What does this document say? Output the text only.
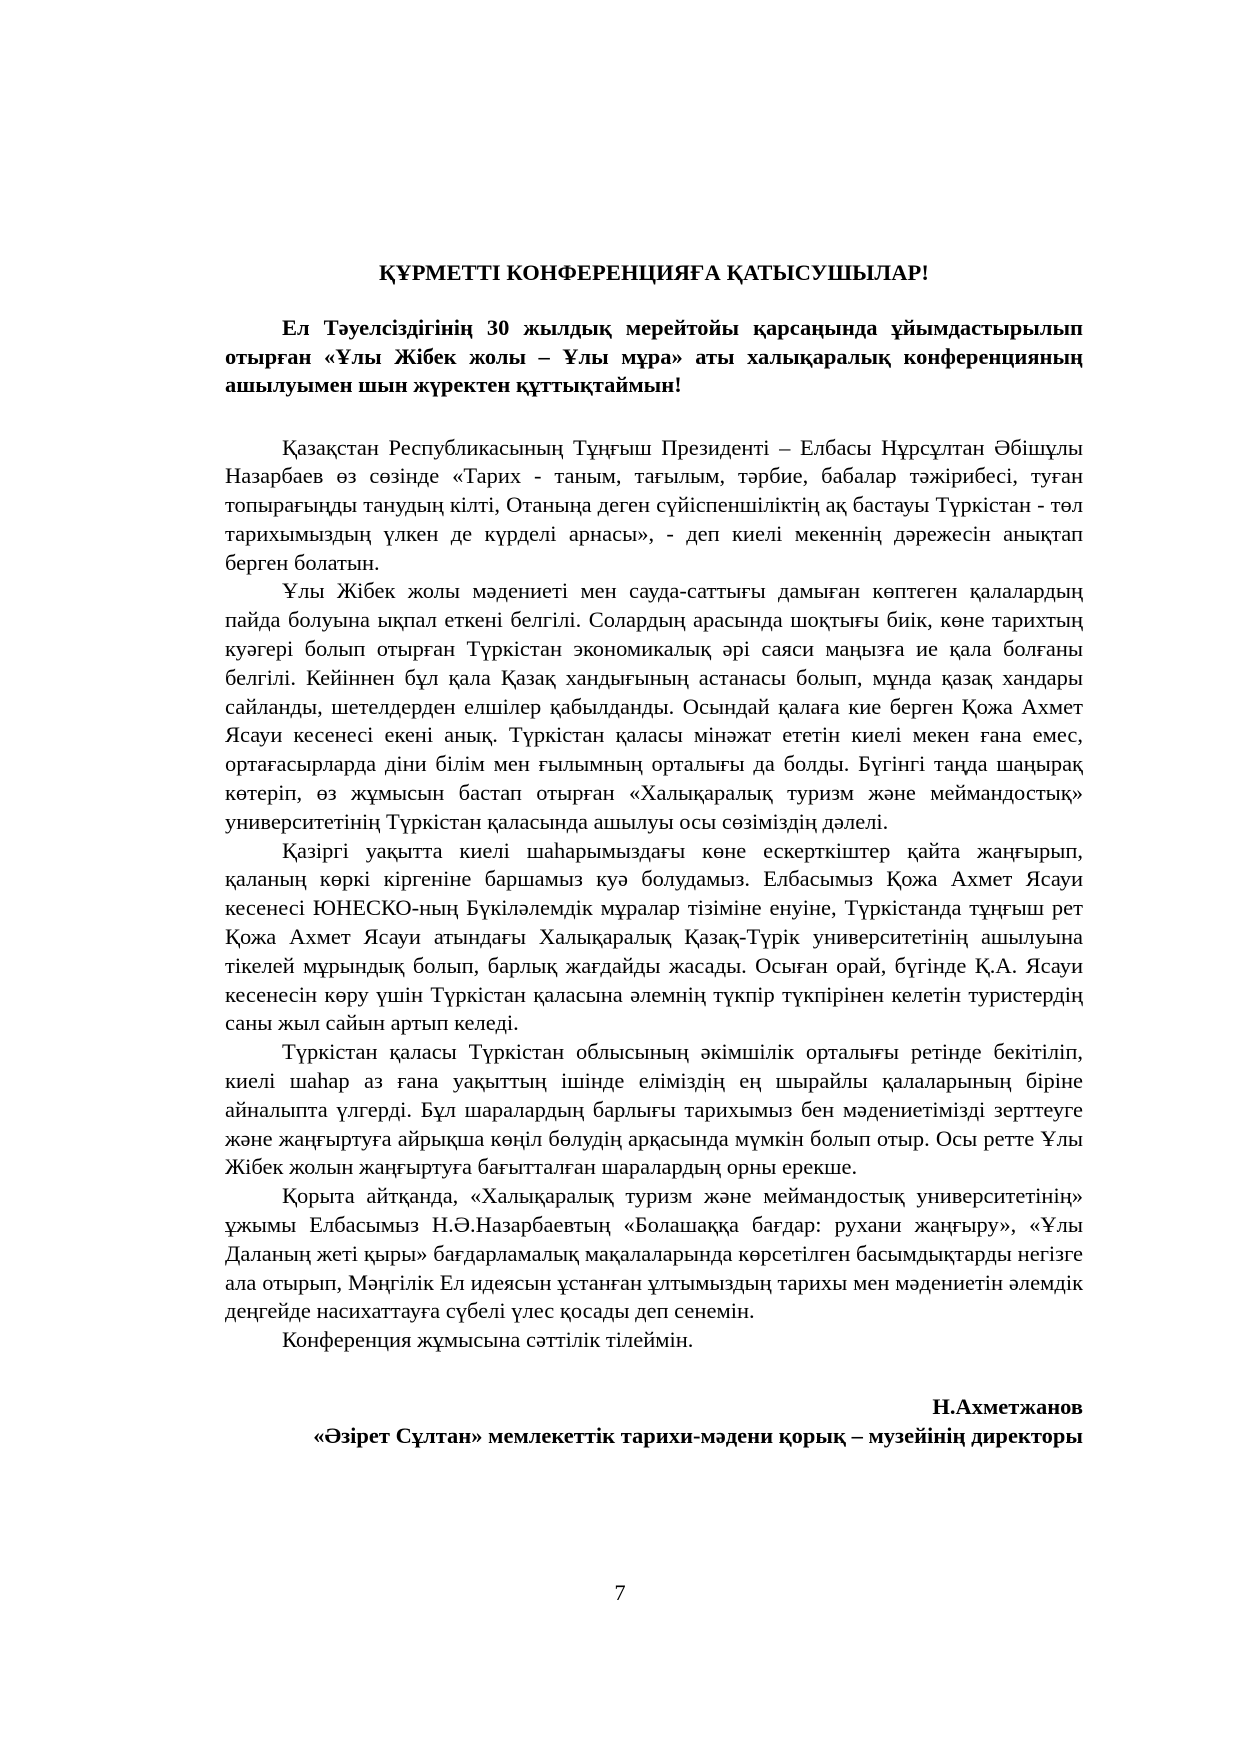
ҚҰРМЕТТІ КОНФЕРЕНЦИЯҒА ҚАТЫСУШЫЛАР!
Ел Тәуелсіздігінің 30 жылдық мерейтойы қарсаңында ұйымдастырылып отырған «Ұлы Жібек жолы – Ұлы мұра» аты халықаралық конференцияның ашылуымен шын жүректен құттықтаймын!

Қазақстан Республикасының Тұңғыш Президенті – Елбасы Нұрсұлтан Әбішұлы Назарбаев өз сөзінде «Тарих - таным, тағылым, тәрбие, бабалар тәжірибесі, туған топырағыңды танудың кілті, Отаныңа деген сүйіспеншіліктің ақ бастауы Түркістан - төл тарихымыздың үлкен де күрделі арнасы», - деп киелі мекеннің дәрежесін анықтап берген болатын.

Ұлы Жібек жолы мәдениеті мен сауда-саттығы дамыған көптеген қалалардың пайда болуына ықпал еткені белгілі. Солардың арасында шоқтығы биік, көне тарихтың куәгері болып отырған Түркістан экономикалық әрі саяси маңызға ие қала болғаны белгілі. Кейіннен бұл қала Қазақ хандығының астанасы болып, мұнда қазақ хандары сайланды, шетелдерден елшілер қабылданды. Осындай қалаға кие берген Қожа Ахмет Ясауи кесенесі екені анық. Түркістан қаласы мінәжат ететін киелі мекен ғана емес, ортағасырларда діни білім мен ғылымның орталығы да болды. Бүгінгі таңда шаңырақ көтеріп, өз жұмысын бастап отырған «Халықаралық туризм және меймандостық» университетінің Түркістан қаласында ашылуы осы сөзімiздің дәлелі.

Қазіргі уақытта киелі шаһарымыздағы көне ескерткіштер қайта жаңғырып, қаланың көркі кіргеніне баршамыз куә болудамыз. Елбасымыз Қожа Ахмет Ясауи кесенесі ЮНЕСКО-ның Бүкіләлемдік мұралар тізіміне енуіне, Түркістанда тұңғыш рет Қожа Ахмет Ясауи атындағы Халықаралық Қазақ-Түрік университетінің ашылуына тікелей мұрындық болып, барлық жағдайды жасады. Осыған орай, бүгінде Қ.А. Ясауи кесенесін көру үшін Түркістан қаласына әлемнің түкпір түкпірінен келетін туристердің саны жыл сайын артып келеді.

Түркістан қаласы Түркістан облысының әкімшілік орталығы ретінде бекітіліп, киелі шаһар аз ғана уақыттың ішінде еліміздің ең шырайлы қалаларының біріне айналыпта үлгерді. Бұл шаралардың барлығы тарихымыз бен мәдениетімізді зерттеуге және жаңғыртуға айрықша көңіл бөлудің арқасында мүмкін болып отыр. Осы ретте Ұлы Жібек жолын жаңғыртуға бағытталған шаралардың орны ерекше.

Қорыта айтқанда, «Халықаралық туризм және меймандостық университетінің» ұжымы Елбасымыз Н.Ә.Назарбаевтың «Болашаққа бағдар: рухани жаңғыру», «Ұлы Даланың жеті қыры» бағдарламалық мақалаларында көрсетілген басымдықтарды негізге ала отырып, Мәңгілік Ел идеясын ұстанған ұлтымыздың тарихы мен мәдениетін әлемдік деңгейде насихаттауға сүбелі үлес қосады деп сенемін.

Конференция жұмысына сәттілік тілеймін.

Н.Ахметжанов
«Әзірет Сұлтан» мемлекеттік тарихи-мәдени қорық – музейінің директоры
7
